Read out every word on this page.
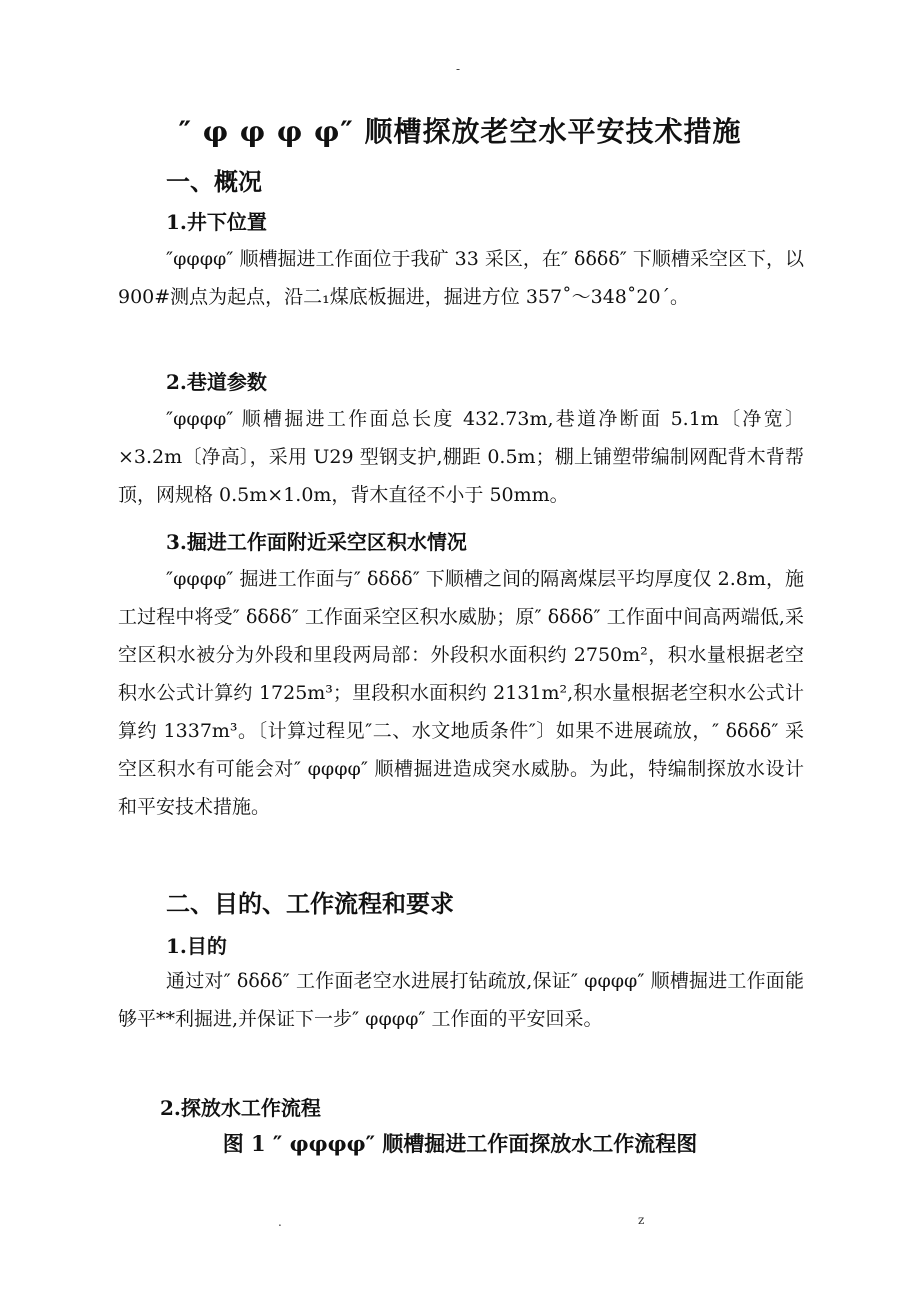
-
″ φ φ φ φ″ 顺槽探放老空水平安技术措施
一、概况
1.井下位置

″φφφφ″ 顺槽掘进工作面位于我矿 33 采区，在″ δδδδ″ 下顺槽采空区下，以 900#测点为起点，沿二₁煤底板掘进，掘进方位 357˚～348˚20´。

2.巷道参数

″φφφφ″ 顺槽掘进工作面总长度 432.73m,巷道净断面 5.1m〔净宽〕×3.2m〔净高〕，采用 U29 型钢支护,棚距 0.5m；棚上铺塑带编制网配背木背帮顶，网规格 0.5m×1.0m，背木直径不小于 50mm。

3.掘进工作面附近采空区积水情况

″φφφφ″ 掘进工作面与″ δδδδ″ 下顺槽之间的隔离煤层平均厚度仅 2.8m，施工过程中将受″ δδδδ″ 工作面采空区积水威胁；原″ δδδδ″ 工作面中间高两端低,采空区积水被分为外段和里段两局部：外段积水面积约 2750m²，积水量根据老空积水公式计算约 1725m³；里段积水面积约 2131m²,积水量根据老空积水公式计算约 1337m³。〔计算过程见″二、水文地质条件″〕如果不进展疏放，″ δδδδ″ 采空区积水有可能会对″ φφφφ″ 顺槽掘进造成突水威胁。为此，特编制探放水设计和平安技术措施。

二、目的、工作流程和要求
1.目的

通过对″ δδδδ″ 工作面老空水进展打钻疏放,保证″ φφφφ″ 顺槽掘进工作面能够平**利掘进,并保证下一步″ φφφφ″ 工作面的平安回采。

2.探放水工作流程
图 1 ″ φφφφ″ 顺槽掘进工作面探放水工作流程图
.	z
